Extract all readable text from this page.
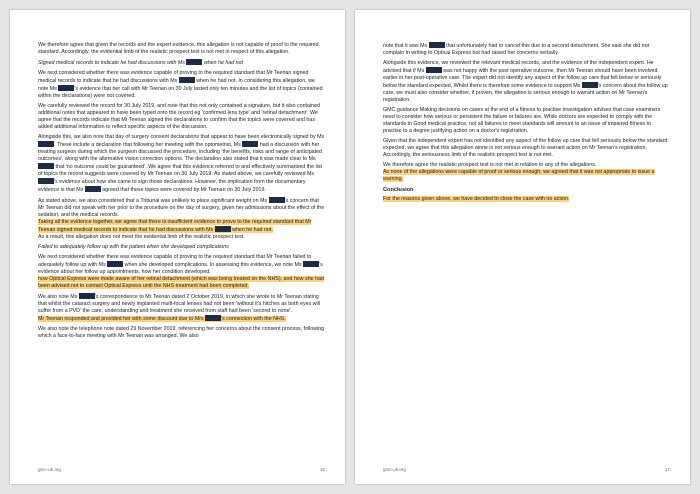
We therefore agree that given the records and the expert evidence, this allegation is not capable of proof to the required standard. Accordingly, the evidential limb of the realistic prospect test is not met in respect of this allegation.

Signed medical records to indicate he had discussions with Ms	when he had not

We next considered whether there was evidence capable of proving to the required standard that Mr Teenan signed medical records to indicate that he had discussions with Ms	when he had not. In considering this allegation, we note Ms	's evidence that her call with Mr Teenan on 30 July lasted only ten minutes and the list of topics (contained within the declarations) were not covered.

We carefully reviewed the record for 30 July 2019, and note that this not only contained a signature, but it also contained additional notes that appeared to have been typed onto the record eg 'confirmed lens type' and 'retinal detachment'. We agree that the records indicate that Mr Teenan signed the declarations to confirm that the topics were covered and has added additional information to reflect specific aspects of the discussion.

Alongside this, we also note that day of surgery consent declarations that appear to have been electronically signed by Ms . These include a declaration that following her meeting with the optometrist, Ms	had a discussion with her treating surgeon during which the surgeon discussed the procedure, including 'the benefits, risks and range of anticipated outcomes', along with the alternative vision correction options. The declaration also stated that it was made clear to Ms  that 'no outcome could be guaranteed'. We agree that this evidence referred to and effectively summarised the list of topics the record suggests were covered by Mr Teenan on 30 July 2019. As stated above, we carefully reviewed Ms 's evidence about how she came to sign those declarations. However, the implication from the documentary evidence is that Ms	agreed that these topics were covered by Mr Teenan on 30 July 2019.

As stated above, we also considered that a Tribunal was unlikely to place significant weight on Ms	's concern that Mr Teenan did not speak with her prior to the procedure on the day of surgery, given her admissions about the effect of the sedation, and the medical records.

Taking all the evidence together, we agree that there is insufficient evidence to prove to the required standard that Mr Teenan signed medical records to indicate that he had discussions with Ms	when he had not.

As a result, this allegation does not meet the evidential limb of the realistic prospect test.

Failed to adequately follow up with the patient when she developed complications

We next considered whether there was evidence capable of proving to the required standard that Mr Teenan failed to adequately follow up with Ms	when she developed complications. In assessing this evidence, we note Ms	's evidence about her follow up appointments, how her condition developed,

how Optical Express were made aware of her retinal detachment (which was being treated on the NHS), and how she had been advised not to contact Optical Express until the NHS treatment had been completed.

We also note Ms	's correspondence to Mr Teenan dated 2 October 2019, in which she wrote to Mr Teenan stating that whilst the cataract surgery and newly implanted multi-focal lenses had not been 'without it's hitches as both eyes will suffer from a PVD' the care, understanding and treatment she received from staff had been 'second to none'.

Mr Teenan responded and provided her with some discount due to Mrs	's connection with the NHS.

We also note the telephone note dated 29 November 2019, referencing her concerns about the consent process, following which a face-to-face meeting with Mr Teenan was arranged. We also

gmc-uk.org	16

note that it was Ms	that unfortunately had to cancel this due to a second detachment. She said she did not complain in writing to Optical Express but had raised her concerns verbally.

Alongside this evidence, we reviewed the relevant medical records, and the evidence of the independent expert. He advised that if Ms	was not happy with the post operative outcome, then Mr Teenan should have been involved earlier in her post-operative care. The expert did not identify any aspect of the follow up care that fell below or seriously below the standard expected. Whilst there is therefore some evidence to support Ms	's concern about the follow up care, we must also consider whether, if proven, the allegation is serious enough to warrant action on Mr Teenan's registration.

GMC guidance Making decisions on cases at the end of a fitness to practise investigation advises that case examiners need to consider how serious or persistent the failure or failures are. While doctors are expected to comply with the standards in Good medical practice, not all failures to meet standards will amount to an issue of impaired fitness to practise to a degree justifying action on a doctor's registration.

Given that the independent expert has not identified any aspect of the follow up care that fell seriously below the standard expected, we agree that this allegation alone is not serious enough to warrant action on Mr Teenan's registration. Accordingly, the seriousness limb of the realistic prospect test is not met.

We therefore agree the realistic prospect test is not met in relation to any of the allegations.

As none of the allegations were capable of proof or serious enough, we agreed that it was not appropriate to issue a warning.

Conclusion

For the reasons given above, we have decided to close the case with no action.

gmc-uk.org	17
